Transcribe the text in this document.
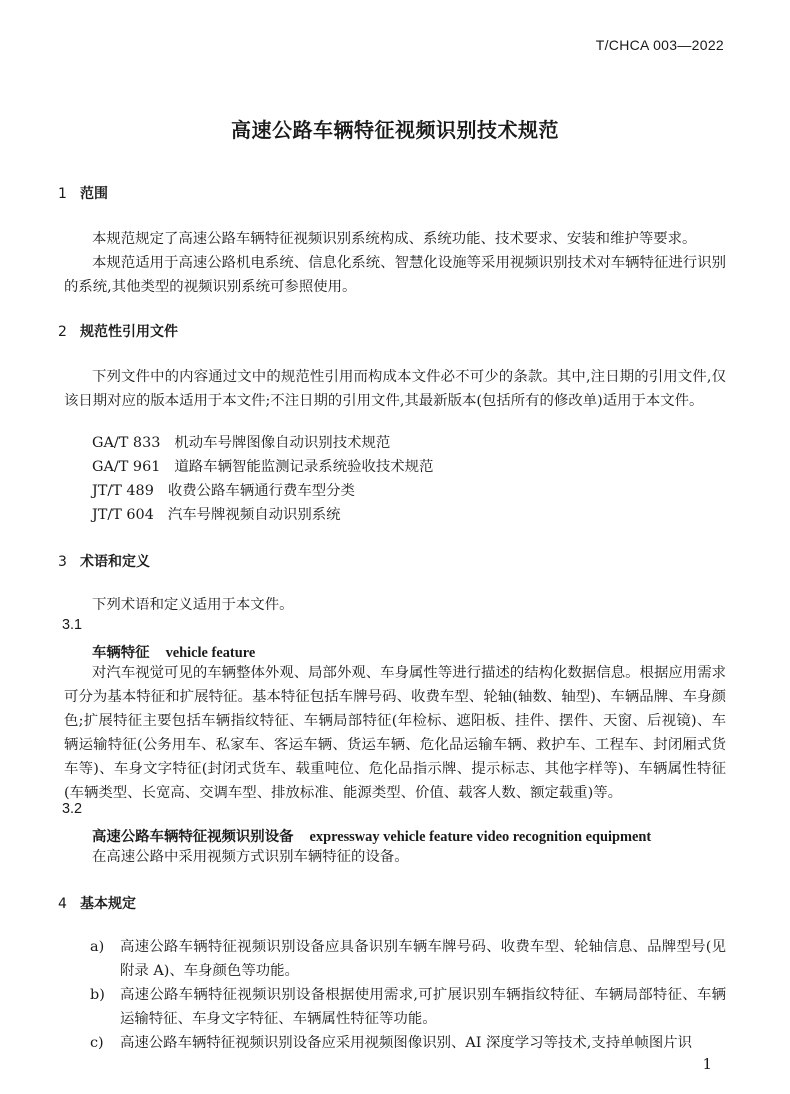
T/CHCA 003—2022
高速公路车辆特征视频识别技术规范
1 范围
本规范规定了高速公路车辆特征视频识别系统构成、系统功能、技术要求、安装和维护等要求。
本规范适用于高速公路机电系统、信息化系统、智慧化设施等采用视频识别技术对车辆特征进行识别的系统,其他类型的视频识别系统可参照使用。
2 规范性引用文件
下列文件中的内容通过文中的规范性引用而构成本文件必不可少的条款。其中,注日期的引用文件,仅该日期对应的版本适用于本文件;不注日期的引用文件,其最新版本(包括所有的修改单)适用于本文件。
GA/T 833 机动车号牌图像自动识别技术规范
GA/T 961 道路车辆智能监测记录系统验收技术规范
JT/T 489 收费公路车辆通行费车型分类
JT/T 604 汽车号牌视频自动识别系统
3 术语和定义
下列术语和定义适用于本文件。
3.1
车辆特征 vehicle feature
对汽车视觉可见的车辆整体外观、局部外观、车身属性等进行描述的结构化数据信息。根据应用需求可分为基本特征和扩展特征。基本特征包括车牌号码、收费车型、轮轴(轴数、轴型)、车辆品牌、车身颜色;扩展特征主要包括车辆指纹特征、车辆局部特征(年检标、遮阳板、挂件、摆件、天窗、后视镜)、车辆运输特征(公务用车、私家车、客运车辆、货运车辆、危化品运输车辆、救护车、工程车、封闭厢式货车等)、车身文字特征(封闭式货车、载重吨位、危化品指示牌、提示标志、其他字样等)、车辆属性特征(车辆类型、长宽高、交调车型、排放标准、能源类型、价值、载客人数、额定载重)等。
3.2
高速公路车辆特征视频识别设备 expressway vehicle feature video recognition equipment
在高速公路中采用视频方式识别车辆特征的设备。
4 基本规定
a) 高速公路车辆特征视频识别设备应具备识别车辆车牌号码、收费车型、轮轴信息、品牌型号(见附录 A)、车身颜色等功能。
b) 高速公路车辆特征视频识别设备根据使用需求,可扩展识别车辆指纹特征、车辆局部特征、车辆运输特征、车身文字特征、车辆属性特征等功能。
c) 高速公路车辆特征视频识别设备应采用视频图像识别、AI 深度学习等技术,支持单帧图片识
1
